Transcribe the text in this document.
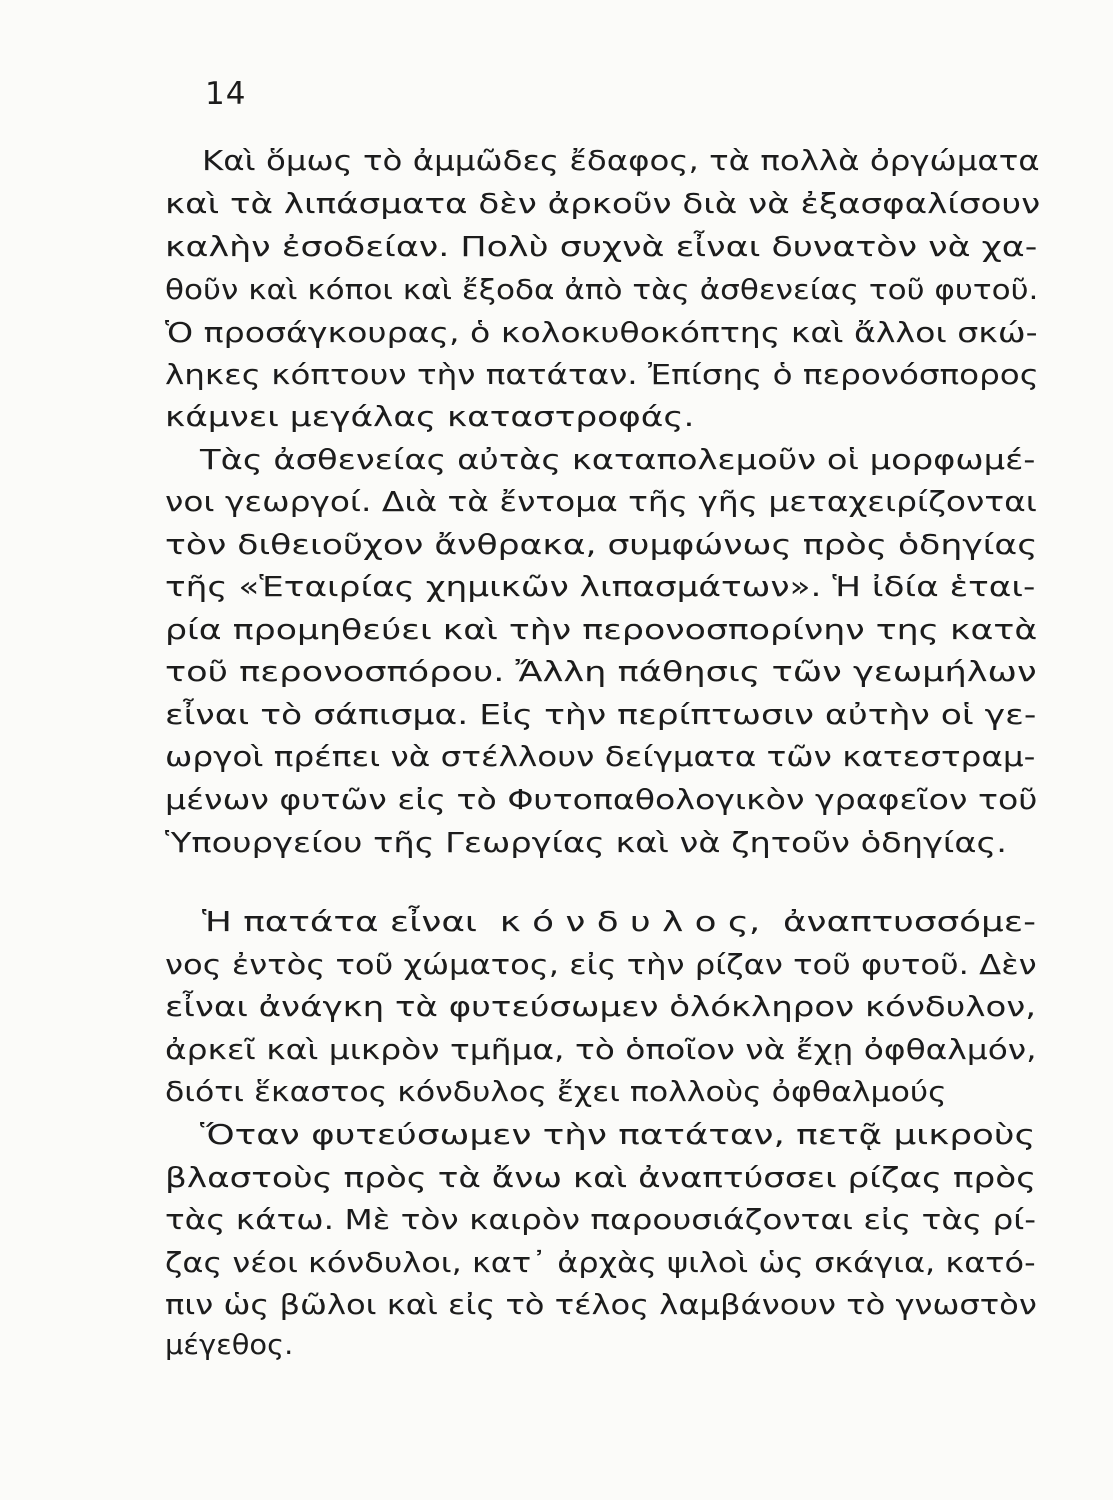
14
Καὶ ὅμως τὸ ἀμμῶδες ἔδαφος, τὰ πολλὰ ὀργώματα
καὶ τὰ λιπάσματα δὲν ἀρκοῦν διὰ νὰ ἐξασφαλίσουν
καλὴν ἐσοδείαν. Πολὺ συχνὰ εἶναι δυνατὸν νὰ χα-
θοῦν καὶ κόποι καὶ ἔξοδα ἀπὸ τὰς ἀσθενείας τοῦ φυτοῦ.
Ὁ προσάγκουρας, ὁ κολοκυθοκόπτης καὶ ἄλλοι σκώ-
ληκες κόπτουν τὴν πατάταν. Ἐπίσης ὁ περονόσπορος
κάμνει μεγάλας καταστροφάς.
Τὰς ἀσθενείας αὐτὰς καταπολεμοῦν οἱ μορφωμέ-
νοι γεωργοί. Διὰ τὰ ἔντομα τῆς γῆς μεταχειρίζονται
τὸν διθειοῦχον ἄνθρακα, συμφώνως πρὸς ὁδηγίας
τῆς «Ἑταιρίας χημικῶν λιπασμάτων». Ἡ ἰδία ἑται-
ρία προμηθεύει καὶ τὴν περονοσπορίνην της κατὰ
τοῦ περονοσπόρου. Ἄλλη πάθησις τῶν γεωμήλων
εἶναι τὸ σάπισμα. Εἰς τὴν περίπτωσιν αὐτὴν οἱ γε-
ωργοὶ πρέπει νὰ στέλλουν δείγματα τῶν κατεστραμ-
μένων φυτῶν εἰς τὸ Φυτοπαθολογικὸν γραφεῖον τοῦ
Ὑπουργείου τῆς Γεωργίας καὶ νὰ ζητοῦν ὁδηγίας.
Ἡ πατάτα εἶναι  κ ό ν δ υ λ ο ς,  ἀναπτυσσόμε-
νος ἐντὸς τοῦ χώματος, εἰς τὴν ρίζαν τοῦ φυτοῦ. Δὲν
εἶναι ἀνάγκη τὰ φυτεύσωμεν ὁλόκληρον κόνδυλον,
ἀρκεῖ καὶ μικρὸν τμῆμα, τὸ ὁποῖον νὰ ἔχῃ ὀφθαλμόν,
διότι ἕκαστος κόνδυλος ἔχει πολλοὺς ὀφθαλμούς
Ὅταν φυτεύσωμεν τὴν πατάταν, πετᾷ μικροὺς
βλαστοὺς πρὸς τὰ ἄνω καὶ ἀναπτύσσει ρίζας πρὸς
τὰς κάτω. Μὲ τὸν καιρὸν παρουσιάζονται εἰς τὰς ρί-
ζας νέοι κόνδυλοι, κατ᾽ ἀρχὰς ψιλοὶ ὡς σκάγια, κατό-
πιν ὡς βῶλοι καὶ εἰς τὸ τέλος λαμβάνουν τὸ γνωστὸν
μέγεθος.
